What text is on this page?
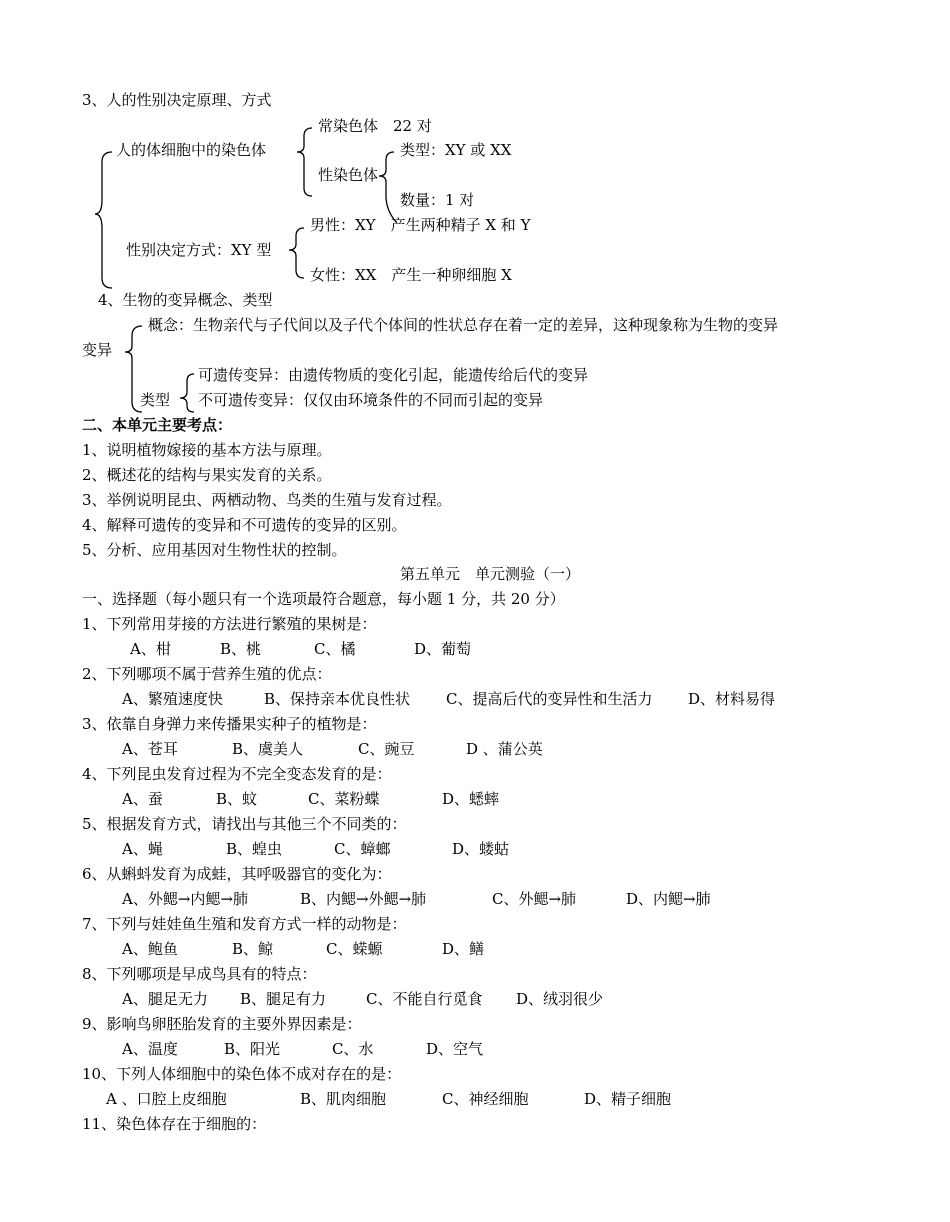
3、人的性别决定原理、方式
常染色体　22 对
人的体细胞中的染色体	类型：XY 或 XX
性染色体
数量：1 对
男性：XY　产生两种精子 X 和 Y
性别决定方式：XY 型
女性：XX　产生一种卵细胞 X
4、生物的变异概念、类型
概念：生物亲代与子代间以及子代个体间的性状总存在着一定的差异，这种现象称为生物的变异
变异
可遗传变异：由遗传物质的变化引起，能遗传给后代的变异
类型 不可遗传变异：仅仅由环境条件的不同而引起的变异
二、本单元主要考点：
1、说明植物嫁接的基本方法与原理。
2、概述花的结构与果实发育的关系。
3、举例说明昆虫、两栖动物、鸟类的生殖与发育过程。
4、解释可遗传的变异和不可遗传的变异的区别。
5、分析、应用基因对生物性状的控制。
第五单元　单元测验（一）
一、选择题（每小题只有一个选项最符合题意，每小题 1 分，共 20 分）
1、下列常用芽接的方法进行繁殖的果树是：
A、柑	B、桃	C、橘	D、葡萄
2、下列哪项不属于营养生殖的优点：
A、繁殖速度快	B、保持亲本优良性状 C、提高后代的变异性和生活力 D、材料易得
3、依靠自身弹力来传播果实种子的植物是：
A、苍耳	B、虞美人	C、豌豆	D 、蒲公英
4、下列昆虫发育过程为不完全变态发育的是：
A、蚕	B、蚊	C、菜粉蝶	D、蟋蟀
5、根据发育方式，请找出与其他三个不同类的：
A、蝇	B、蝗虫	C、蟑螂	D、蝼蛄
6、从蝌蚪发育为成蛙，其呼吸器官的变化为：
A、外鳃→内鳃→肺	B、内鳃→外鳃→肺	C、外鳃→肺	D、内鳃→肺
7、下列与娃娃鱼生殖和发育方式一样的动物是：
A、鲍鱼	B、鲸	C、蝾螈	D、鳝
8、下列哪项是早成鸟具有的特点：
A、腿足无力 B、腿足有力	C、不能自行觅食 D、绒羽很少
9、影响鸟卵胚胎发育的主要外界因素是：
A、温度	B、阳光	C、水	D、空气
10、下列人体细胞中的染色体不成对存在的是：
A 、口腔上皮细胞	B、肌肉细胞	C、神经细胞	D、精子细胞
11、染色体存在于细胞的：
